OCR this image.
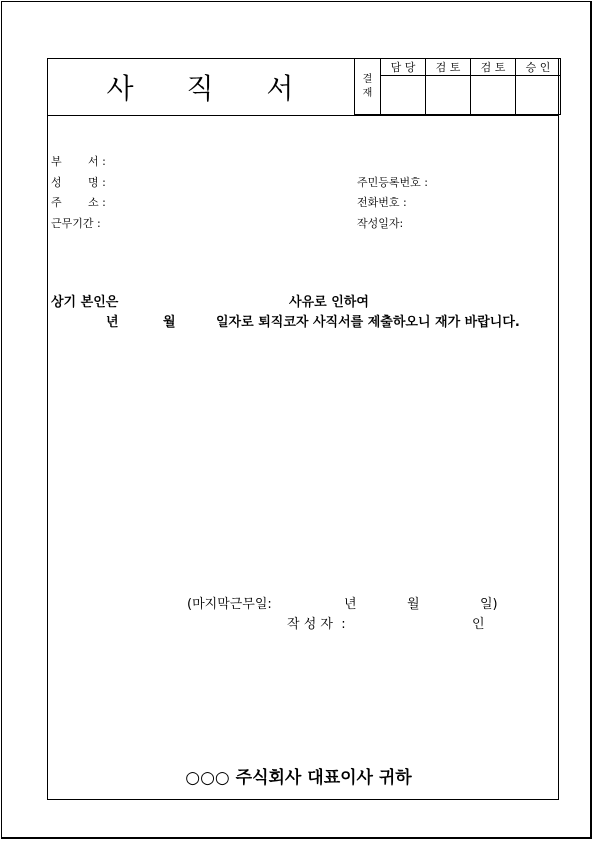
사 직 서	결
재	담 당	검 토	검 토	승 인

부 서 :
성 명 :
주 소 :
근무기간 :
주민등록번호 :
전화번호 :
작성일자:
상기 본인은	사유로 인하여
년	월	일자로 퇴직코자 사직서를 제출하오니 재가 바랍니다.
(마지막근무일:	년	월	일)
작 성 자  :	인
○○○ 주식회사 대표이사 귀하
